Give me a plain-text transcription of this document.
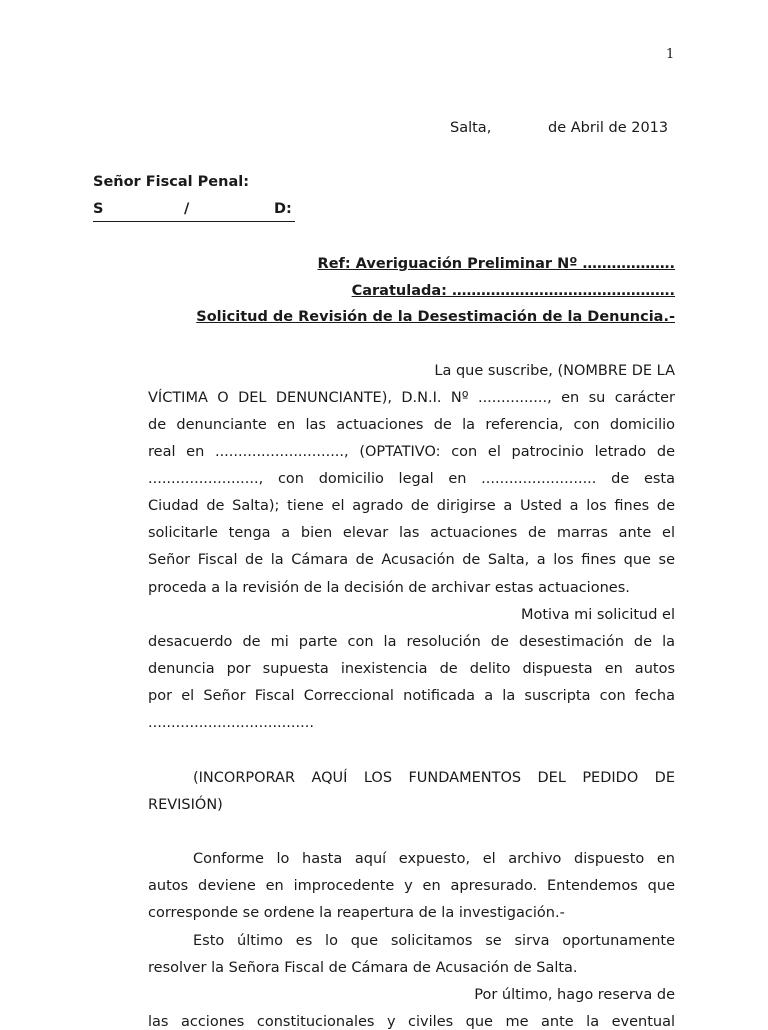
1
Salta,	de Abril de 2013
Señor Fiscal Penal:
S	/	D:
Ref: Averiguación Preliminar Nº ……………….
Caratulada: ……………………………………….
Solicitud de Revisión de la Desestimación de la Denuncia.-
La que suscribe, (NOMBRE DE LA
VÍCTIMA O DEL DENUNCIANTE), D.N.I. Nº ..............., en su carácter
de denunciante en las actuaciones de la referencia, con domicilio
real en ............................, (OPTATIVO: con el patrocinio letrado de
........................, con domicilio legal en ......................... de esta
Ciudad de Salta); tiene el agrado de dirigirse a Usted a los fines de
solicitarle tenga a bien elevar las actuaciones de marras ante el
Señor Fiscal de la Cámara de Acusación de Salta, a los fines que se
proceda a la revisión de la decisión de archivar estas actuaciones.
Motiva mi solicitud el
desacuerdo de mi parte con la resolución de desestimación de la
denuncia por supuesta inexistencia de delito dispuesta en autos
por el Señor Fiscal Correccional notificada a la suscripta con fecha
....................................
(INCORPORAR AQUÍ LOS FUNDAMENTOS DEL PEDIDO DE
REVISIÓN)
Conforme lo hasta aquí expuesto, el archivo dispuesto en
autos deviene en improcedente y en apresurado. Entendemos que
corresponde se ordene la reapertura de la investigación.-
Esto último es lo que solicitamos se sirva oportunamente
resolver la Señora Fiscal de Cámara de Acusación de Salta.
Por último, hago reserva de
las acciones constitucionales y civiles que me ante la eventual
